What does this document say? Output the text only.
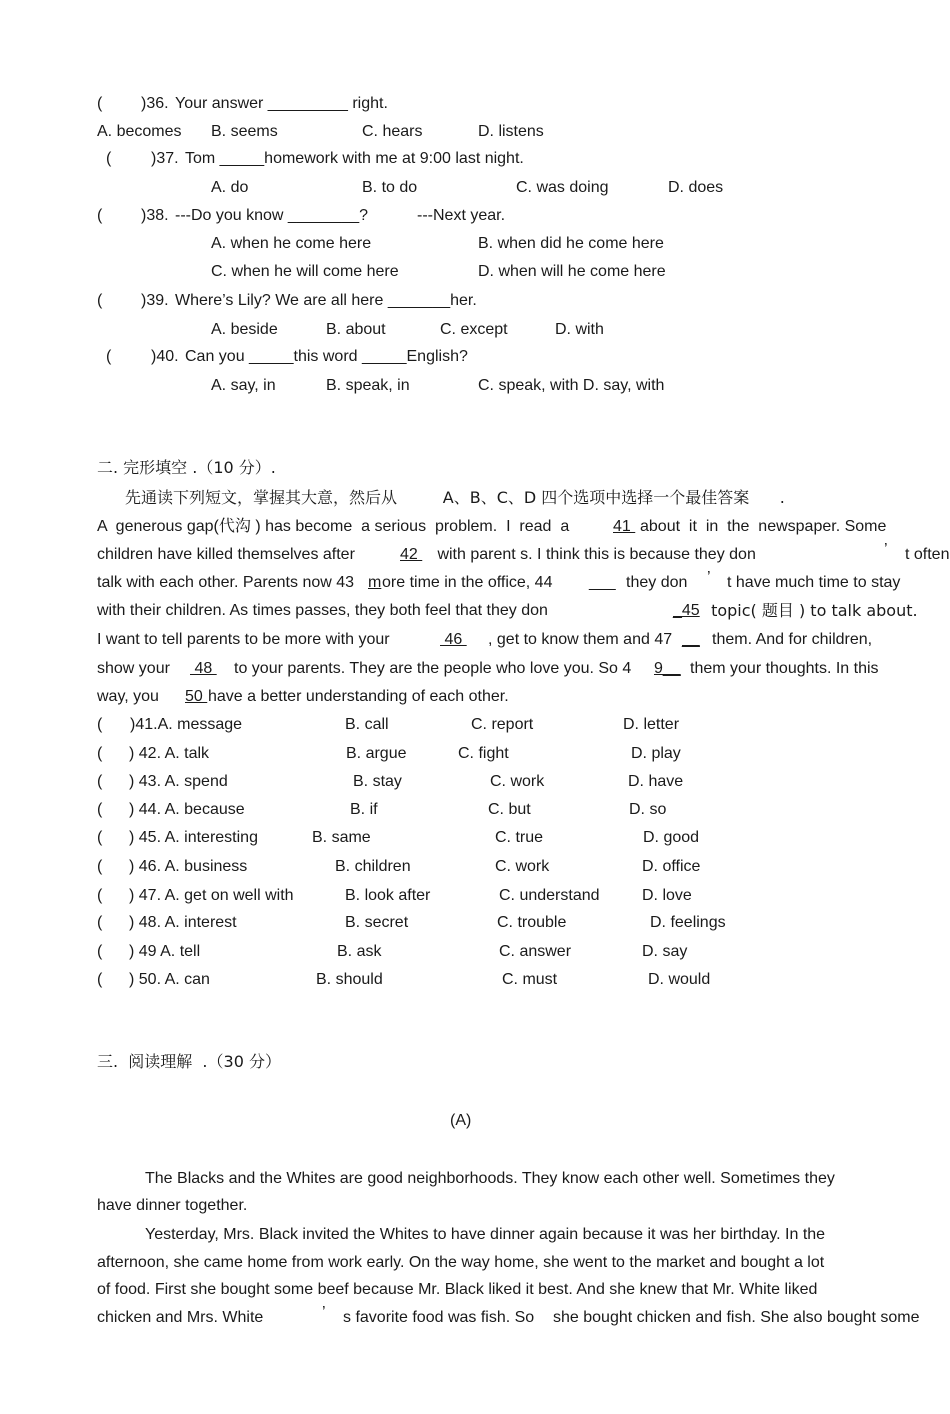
( )36. Your answer _________ right.
A. becomes B. seems	C. hears	D. listens
( )37. Tom _____homework with me at 9:00 last night.
A. do	B. to do	C. was doing	D. does
( )38. ---Do you know ________?	---Next year.
A. when he come here	B. when did he come here
C. when he will come here	D. when will he come here
( )39. Where’s Lily? We are all here _______her.
A. beside	B. about	C. except	D. with
( )40. Can you _____this word _____English?
A. say, in	B. speak, in	C. speak, with D. say, with
二. 完形填空 .（10 分）.
先通读下列短文，掌握其大意，然后从         A、B、C、D 四个选项中选择一个最佳答案      .
A  generous gap(代沟 ) has become  a serious  problem.  I  read  a	41 about  it  in  the  newspaper. Some
children have killed themselves after	42 with parent s. I think this is because they don	’ t often
talk with each other. Parents now 43 m ore time in the office, 44 ___ they don ’ t have much time to stay
with their children. As times passes, they both feel that they don	_45 topic( 题目 ) to talk about.
I want to tell parents to be more with your	46 , get to know them and 47 __ them. And for children,
show your 48 to your parents. They are the people who love you. So 4 9__ them your thoughts. In this
way, you 50 have a better understanding of each other.
( )41.A. message	B. call	C. report	D. letter
( ) 42. A. talk	B. argue	C. fight	D. play
( ) 43. A. spend	B. stay	C. work	D. have
( ) 44. A. because	B. if	C. but	D. so
( ) 45. A. interesting	B. same	C. true	D. good
( ) 46. A. business	B. children	C. work	D. office
( ) 47. A. get on well with	B. look after	C. understand	D. love
( ) 48. A. interest	B. secret	C. trouble	D. feelings
( ) 49 A. tell	B. ask	C. answer	D. say
( ) 50. A. can	B. should	C. must	D. would
三.  阅读理解  .（30 分）
(A)
The Blacks and the Whites are good neighborhoods. They know each other well. Sometimes they
have dinner together.
Yesterday, Mrs. Black invited the Whites to have dinner again because it was her birthday. In the
afternoon, she came home from work early. On the way home, she went to the market and bought a lot
of food. First she bought some beef because Mr. Black liked it best. And she knew that Mr. White liked
chicken and Mrs. White	’ s favorite food was fish. So she bought chicken and fish. She also bought some
